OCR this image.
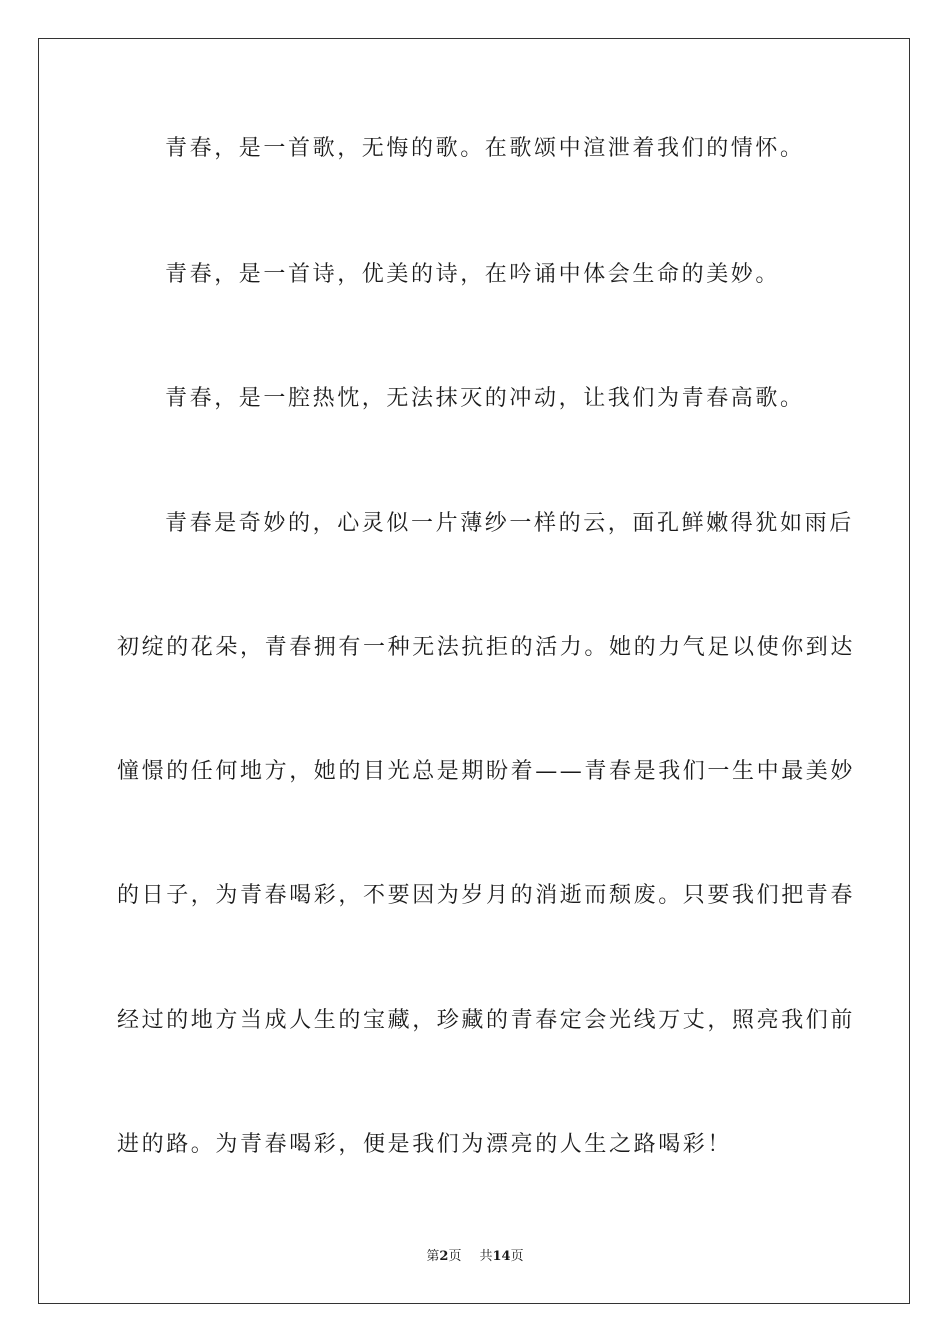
青春，是一首歌，无悔的歌。在歌颂中渲泄着我们的情怀。
青春，是一首诗，优美的诗，在吟诵中体会生命的美妙。
青春，是一腔热忱，无法抹灭的冲动，让我们为青春高歌。
青春是奇妙的，心灵似一片薄纱一样的云，面孔鲜嫩得犹如雨后
初绽的花朵，青春拥有一种无法抗拒的活力。她的力气足以使你到达
憧憬的任何地方，她的目光总是期盼着——青春是我们一生中最美妙
的日子，为青春喝彩，不要因为岁月的消逝而颓废。只要我们把青春
经过的地方当成人生的宝藏，珍藏的青春定会光线万丈，照亮我们前
进的路。为青春喝彩，便是我们为漂亮的人生之路喝彩！
第2页 共14页
